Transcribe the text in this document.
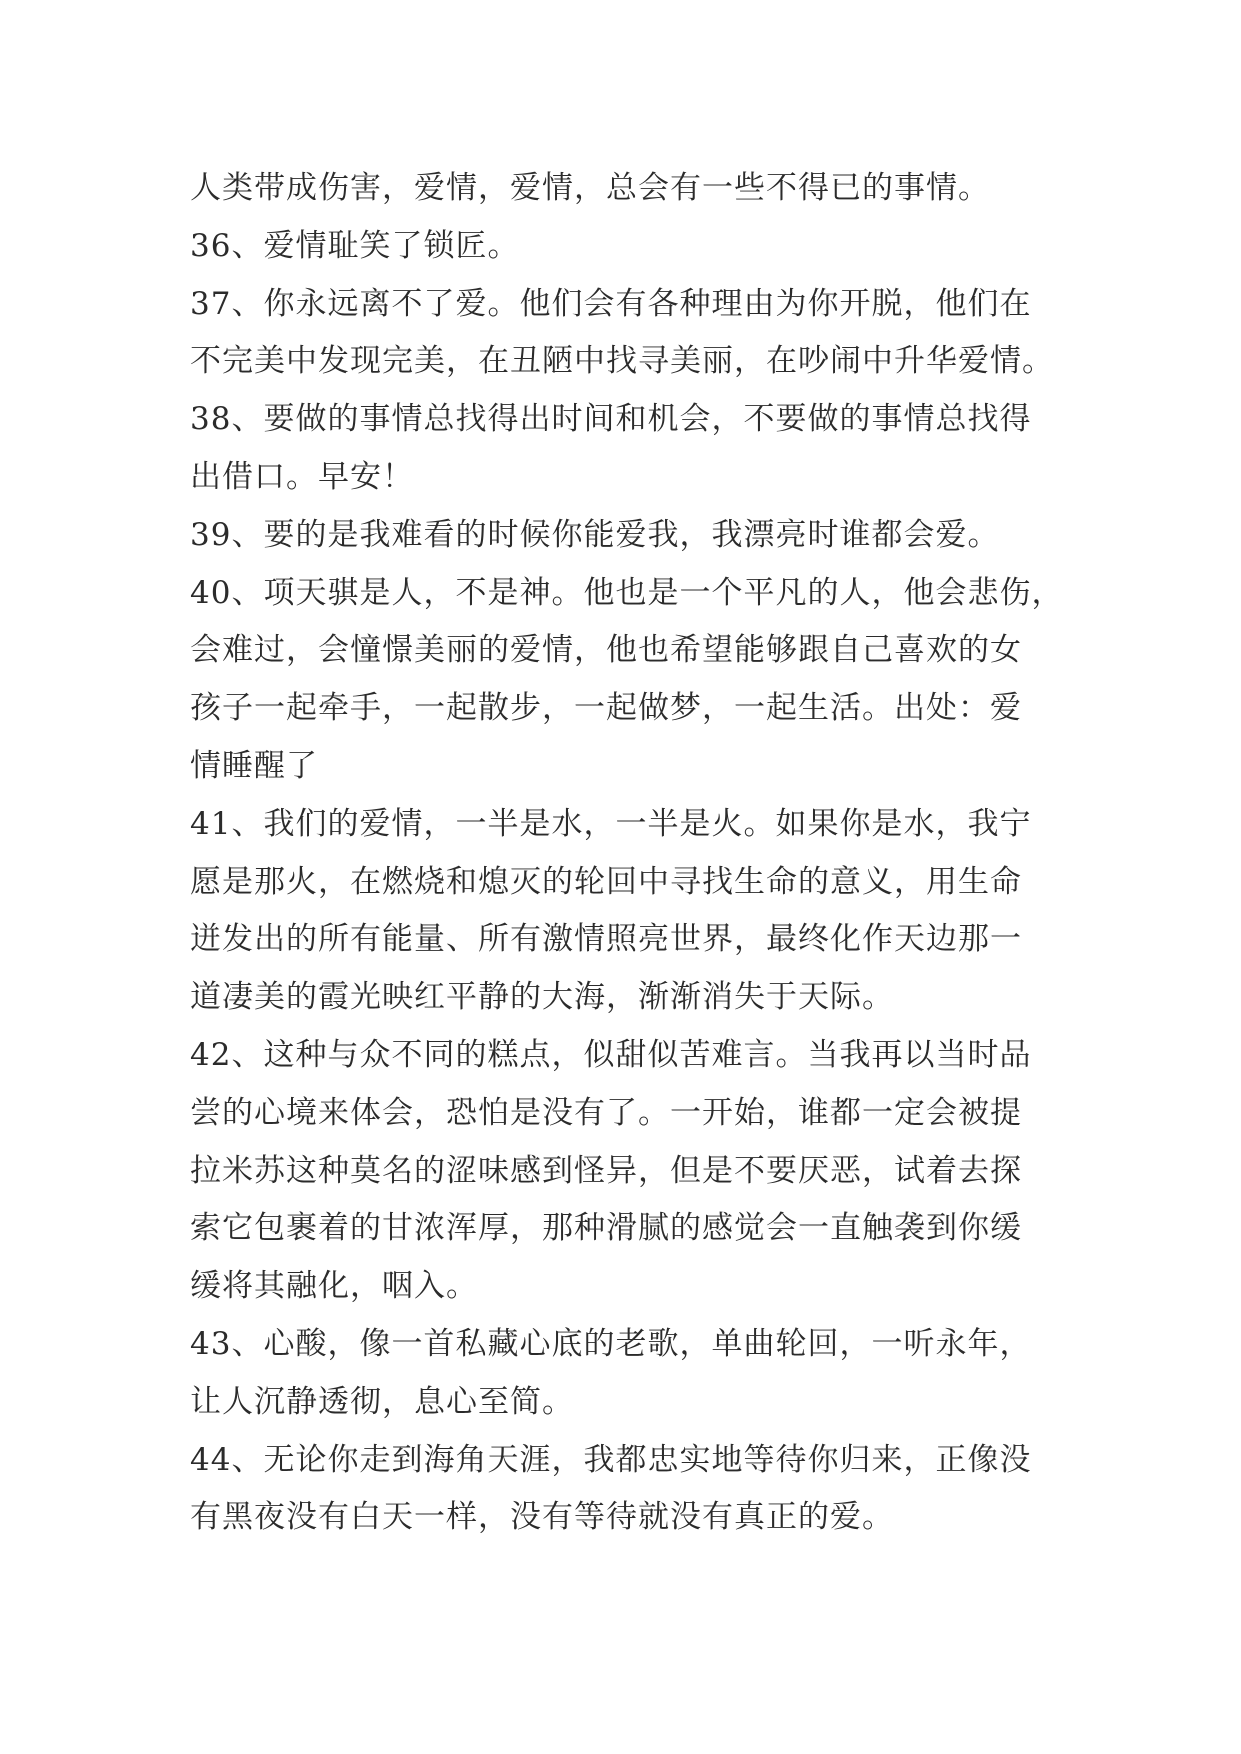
人类带成伤害，爱情，爱情，总会有一些不得已的事情。
36、爱情耻笑了锁匠。
37、你永远离不了爱。他们会有各种理由为你开脱，他们在
不完美中发现完美，在丑陋中找寻美丽，在吵闹中升华爱情。
38、要做的事情总找得出时间和机会，不要做的事情总找得
出借口。早安！
39、要的是我难看的时候你能爱我，我漂亮时谁都会爱。
40、项天骐是人，不是神。他也是一个平凡的人，他会悲伤，
会难过，会憧憬美丽的爱情，他也希望能够跟自己喜欢的女
孩子一起牵手，一起散步，一起做梦，一起生活。出处：爱
情睡醒了
41、我们的爱情，一半是水，一半是火。如果你是水，我宁
愿是那火，在燃烧和熄灭的轮回中寻找生命的意义，用生命
迸发出的所有能量、所有激情照亮世界，最终化作天边那一
道凄美的霞光映红平静的大海，渐渐消失于天际。
42、这种与众不同的糕点，似甜似苦难言。当我再以当时品
尝的心境来体会，恐怕是没有了。一开始，谁都一定会被提
拉米苏这种莫名的涩味感到怪异，但是不要厌恶，试着去探
索它包裹着的甘浓浑厚，那种滑腻的感觉会一直触袭到你缓
缓将其融化，咽入。
43、心酸，像一首私藏心底的老歌，单曲轮回，一听永年，
让人沉静透彻，息心至简。
44、无论你走到海角天涯，我都忠实地等待你归来，正像没
有黑夜没有白天一样，没有等待就没有真正的爱。
